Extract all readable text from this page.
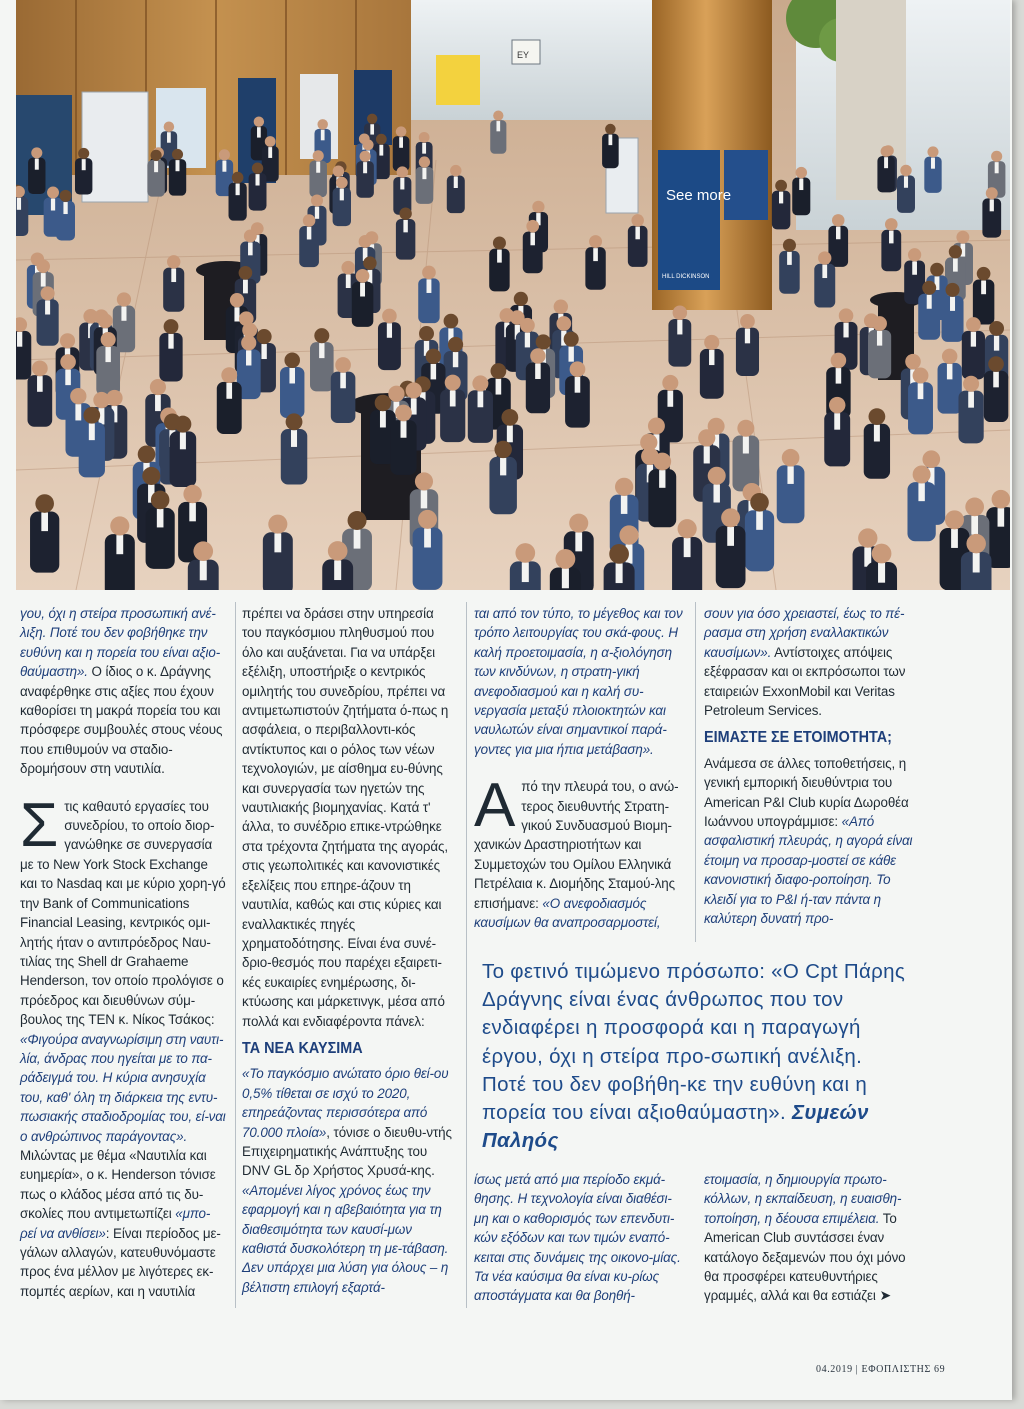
See more
HILL DICKINSON
EY

γου, όχι η στείρα προσωπική ανέ-λιξη. Ποτέ του δεν φοβήθηκε την ευθύνη και η πορεία του είναι αξιο-θαύμαστη». Ο ίδιος ο κ. Δράγνης αναφέρθηκε στις αξίες που έχουν καθορίσει τη μακρά πορεία του και πρόσφερε συμβουλές στους νέους που επιθυμούν να σταδιο-δρομήσουν στη ναυτιλία.

Στις καθαυτό εργασίες του συνεδρίου, το οποίο διορ-γανώθηκε σε συνεργασία με το New York Stock Exchange και το Nasdaq και με κύριο χορη-γό την Bank of Communications Financial Leasing, κεντρικός ομι-λητής ήταν ο αντιπρόεδρος Ναυ-τιλίας της Shell dr Grahaeme Henderson, τον οποίο προλόγισε ο πρόεδρος και διευθύνων σύμ-βουλος της TEN κ. Νίκος Τσάκος: «Φιγούρα αναγνωρίσιμη στη ναυτι-λία, άνδρας που ηγείται με το πα-ράδειγμά του. Η κύρια ανησυχία του, καθ' όλη τη διάρκεια της εντυ-πωσιακής σταδιοδρομίας του, εί-ναι ο ανθρώπινος παράγοντας». Μιλώντας με θέμα «Ναυτιλία και ευημερία», ο κ. Henderson τόνισε πως ο κλάδος μέσα από τις δυ-σκολίες που αντιμετωπίζει «μπο-ρεί να ανθίσει»: Είναι περίοδος με-γάλων αλλαγών, κατευθυνόμαστε προς ένα μέλλον με λιγότερες εκ-πομπές αερίων, και η ναυτιλία

πρέπει να δράσει στην υπηρεσία του παγκόσμιου πληθυσμού που όλο και αυξάνεται. Για να υπάρξει εξέλιξη, υποστήριξε ο κεντρικός ομιλητής του συνεδρίου, πρέπει να αντιμετωπιστούν ζητήματα ό-πως η ασφάλεια, ο περιβαλλοντι-κός αντίκτυπος και ο ρόλος των νέων τεχνολογιών, με αίσθημα ευ-θύνης και συνεργασία των ηγετών της ναυτιλιακής βιομηχανίας. Κατά τ' άλλα, το συνέδριο επικε-ντρώθηκε στα τρέχοντα ζητήματα της αγοράς, στις γεωπολιτικές και κανονιστικές εξελίξεις που επηρε-άζουν τη ναυτιλία, καθώς και στις κύριες και εναλλακτικές πηγές χρηματοδότησης. Είναι ένα συνέ-δριο-θεσμός που παρέχει εξαιρετι-κές ευκαιρίες ενημέρωσης, δι-κτύωσης και μάρκετινγκ, μέσα από πολλά και ενδιαφέροντα πάνελ:

ΤΑ ΝΕΑ ΚΑΥΣΙΜΑ

«Το παγκόσμιο ανώτατο όριο θεί-ου 0,5% τίθεται σε ισχύ το 2020, επηρεάζοντας περισσότερα από 70.000 πλοία», τόνισε ο διευθυ-ντής Επιχειρηματικής Ανάπτυξης του DNV GL δρ Χρήστος Χρυσά-κης. «Απομένει λίγος χρόνος έως την εφαρμογή και η αβεβαιότητα για τη διαθεσιμότητα των καυσί-μων καθιστά δυσκολότερη τη με-τάβαση. Δεν υπάρχει μια λύση για όλους – η βέλτιστη επιλογή εξαρτά-

ται από τον τύπο, το μέγεθος και τον τρόπο λειτουργίας του σκά-φους. Η καλή προετοιμασία, η α-ξιολόγηση των κινδύνων, η στρατη-γική ανεφοδιασμού και η καλή συ-νεργασία μεταξύ πλοιοκτητών και ναυλωτών είναι σημαντικοί παρά-γοντες για μια ήπια μετάβαση».

Από την πλευρά του, ο ανώ-τερος διευθυντής Στρατη-γικού Συνδυασμού Βιομη-χανικών Δραστηριοτήτων και Συμμετοχών του Ομίλου Ελληνικά Πετρέλαια κ. Διομήδης Σταμού-λης επισήμανε: «Ο ανεφοδιασμός καυσίμων θα αναπροσαρμοστεί,

σουν για όσο χρειαστεί, έως το πέ-ρασμα στη χρήση εναλλακτικών καυσίμων». Αντίστοιχες απόψεις εξέφρασαν και οι εκπρόσωποι των εταιρειών ExxonMobil και Veritas Petroleum Services.

ΕΙΜΑΣΤΕ ΣΕ ΕΤΟΙΜΟΤΗΤΑ;

Ανάμεσα σε άλλες τοποθετήσεις, η γενική εμπορική διευθύντρια του American P&I Club κυρία Δωροθέα Ιωάννου υπογράμμισε: «Από ασφαλιστική πλευράς, η αγορά είναι έτοιμη να προσαρ-μοστεί σε κάθε κανονιστική διαφο-ροποίηση. Το κλειδί για το P&I ή-ταν πάντα η καλύτερη δυνατή προ-

Το φετινό τιμώμενο πρόσωπο: «Ο Cpt Πάρης Δράγνης είναι ένας άνθρωπος που τον ενδιαφέρει η προσφορά και η παραγωγή έργου, όχι η στείρα προ-σωπική ανέλιξη. Ποτέ του δεν φοβήθη-κε την ευθύνη και η πορεία του είναι αξιοθαύμαστη». Συμεών Παληός

ίσως μετά από μια περίοδο εκμά-θησης. Η τεχνολογία είναι διαθέσι-μη και ο καθορισμός των επενδυτι-κών εξόδων και των τιμών εναπό-κειται στις δυνάμεις της οικονο-μίας. Τα νέα καύσιμα θα είναι κυ-ρίως αποστάγματα και θα βοηθή-

ετοιμασία, η δημιουργία πρωτο-κόλλων, η εκπαίδευση, η ευαισθη-τοποίηση, η δέουσα επιμέλεια. Το American Club συντάσσει έναν κατάλογο δεξαμενών που όχι μόνο θα προσφέρει κατευθυντήριες γραμμές, αλλά και θα εστιάζει ➤

04.2019 | ΕΦΟΠΛΙΣΤΗΣ 69
